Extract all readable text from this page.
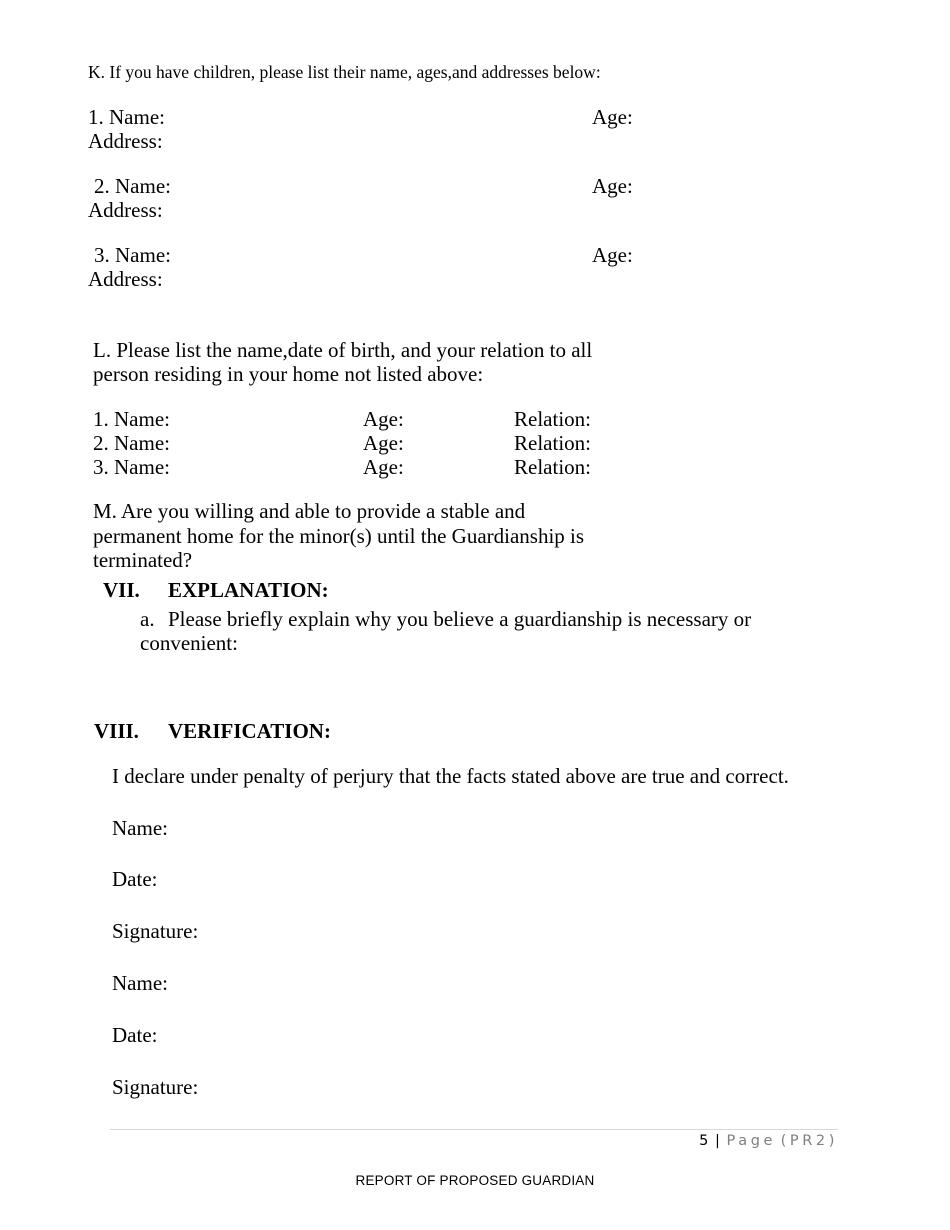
K. If you have children, please list their name, ages,and addresses below:
1. Name:	Age:
Address:
2. Name:	Age:
Address:
3. Name:	Age:
Address:
L. Please list the name,date of birth, and your relation to all
person residing in your home not listed above:
1. Name:	Age:	Relation:
2. Name:	Age:	Relation:
3. Name:	Age:	Relation:
M. Are you willing and able to provide a stable and
permanent home for the minor(s) until the Guardianship is
terminated?
VII. EXPLANATION:
a. Please briefly explain why you believe a guardianship is necessary or
convenient:
VIII. VERIFICATION:
I declare under penalty of perjury that the facts stated above are true and correct.
Name:
Date:
Signature:
Name:
Date:
Signature:
5 | Page (PR2)
REPORT OF PROPOSED GUARDIAN
